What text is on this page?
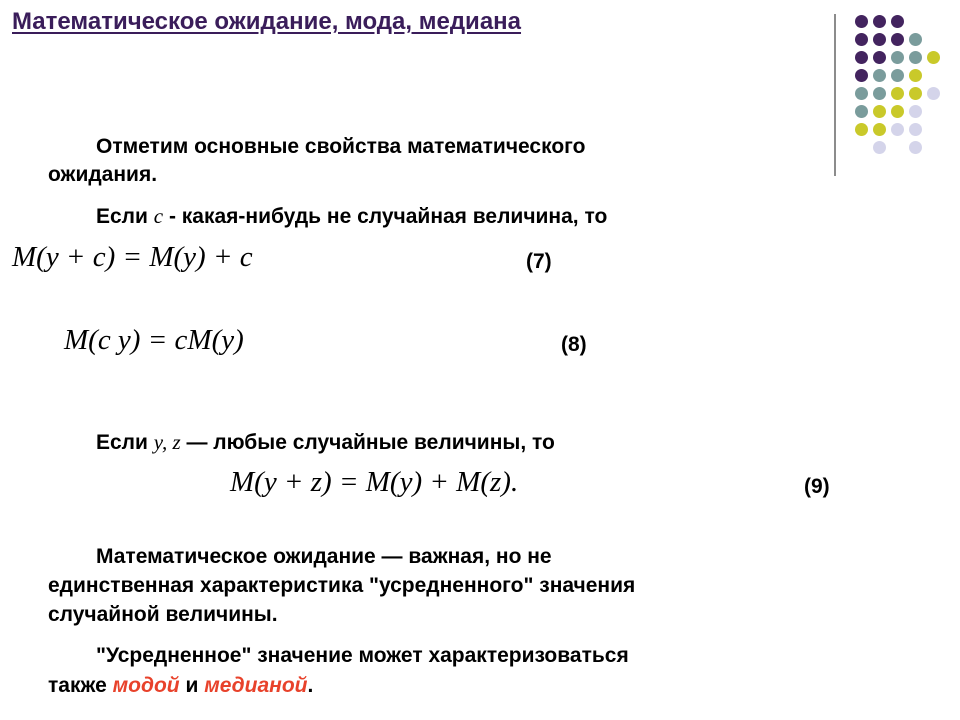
Математическое ожидание, мода, медиана
Отметим основные свойства математического
ожидания.
Если c - какая-нибудь не случайная величина, то
M(y + c) = M(y) + c	(7)
M(c y) = cM(y)	(8)
Если y, z — любые случайные величины, то
M(y + z) = M(y) + M(z).	(9)
Математическое ожидание — важная, но не
единственная характеристика "усредненного" значения
случайной величины.
"Усредненное" значение может характеризоваться
также модой и медианой.
